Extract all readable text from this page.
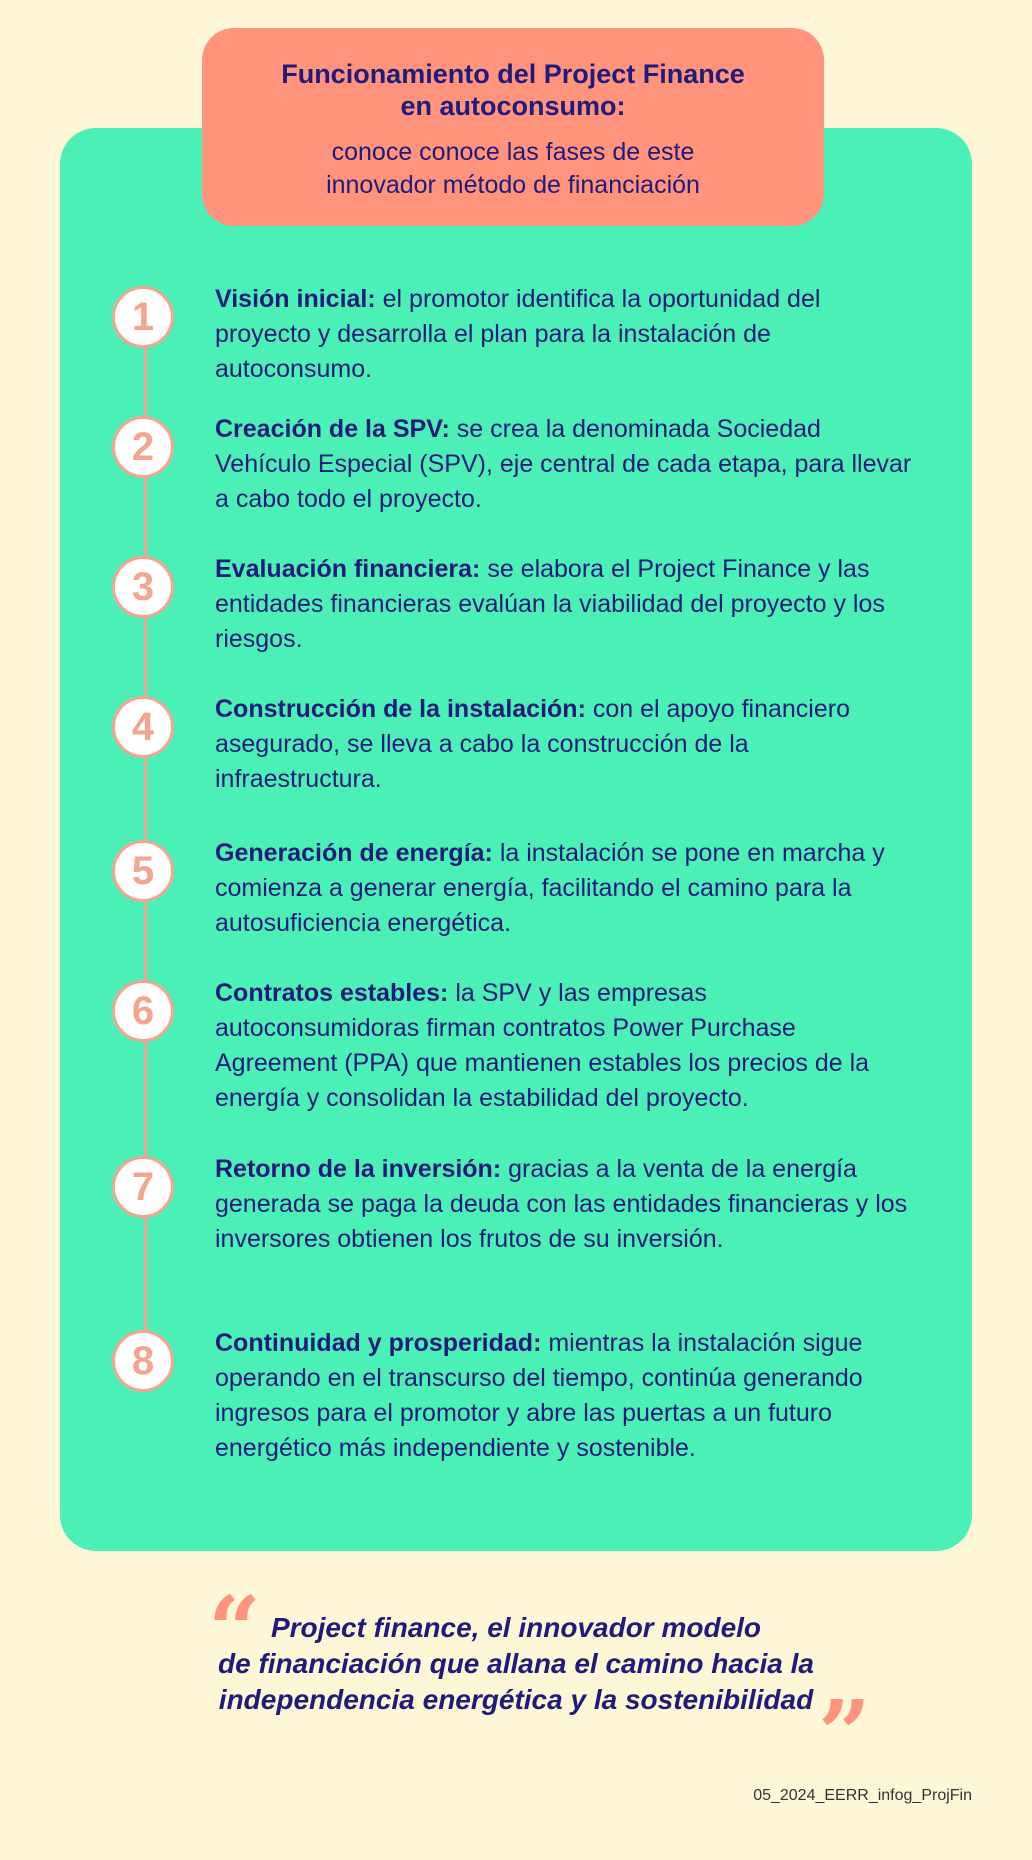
Funcionamiento del Project Finance
en autoconsumo:
conoce conoce las fases de este
innovador método de financiación
1	Visión inicial: el promotor identifica la oportunidad del proyecto y desarrolla el plan para la instalación de autoconsumo.
2	Creación de la SPV: se crea la denominada Sociedad Vehículo Especial (SPV), eje central de cada etapa, para llevar a cabo todo el proyecto.
3	Evaluación financiera: se elabora el Project Finance y las entidades financieras evalúan la viabilidad del proyecto y los riesgos.
4	Construcción de la instalación: con el apoyo financiero asegurado, se lleva a cabo la construcción de la infraestructura.
5	Generación de energía: la instalación se pone en marcha y comienza a generar energía, facilitando el camino para la autosuficiencia energética.
6	Contratos estables: la SPV y las empresas autoconsumidoras firman contratos Power Purchase Agreement (PPA) que mantienen estables los precios de la energía y consolidan la estabilidad del proyecto.
7	Retorno de la inversión: gracias a la venta de la energía generada se paga la deuda con las entidades financieras y los inversores obtienen los frutos de su inversión.
8	Continuidad y prosperidad: mientras la instalación sigue operando en el transcurso del tiempo, continúa generando ingresos para el promotor y abre las puertas a un futuro energético más independiente y sostenible.
“ Project finance, el innovador modelo
de financiación que allana el camino hacia la
independencia energética y la sostenibilidad ”
05_2024_EERR_infog_ProjFin
